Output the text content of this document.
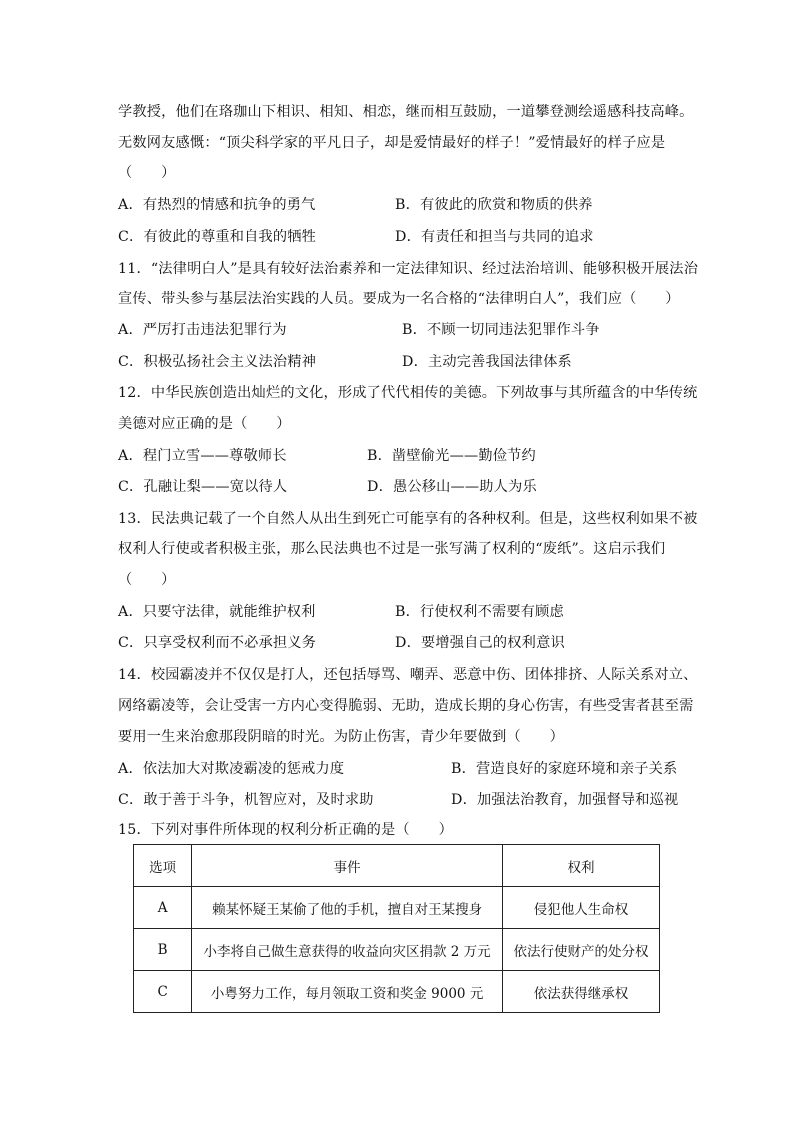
学教授，他们在珞珈山下相识、相知、相恋，继而相互鼓励，一道攀登测绘遥感科技高峰。
无数网友感慨：“顶尖科学家的平凡日子，却是爱情最好的样子！”爱情最好的样子应是
（　　）
A．有热烈的情感和抗争的勇气	B．有彼此的欣赏和物质的供养
C．有彼此的尊重和自我的牺牲	D．有责任和担当与共同的追求
11．“法律明白人”是具有较好法治素养和一定法律知识、经过法治培训、能够积极开展法治
宣传、带头参与基层法治实践的人员。要成为一名合格的“法律明白人”，我们应（　　）
A．严厉打击违法犯罪行为	B．不顾一切同违法犯罪作斗争
C．积极弘扬社会主义法治精神	D．主动完善我国法律体系
12．中华民族创造出灿烂的文化，形成了代代相传的美德。下列故事与其所蕴含的中华传统
美德对应正确的是（　　）
A．程门立雪——尊敬师长	B．凿壁偷光——勤俭节约
C．孔融让梨——宽以待人	D．愚公移山——助人为乐
13．民法典记载了一个自然人从出生到死亡可能享有的各种权利。但是，这些权利如果不被
权利人行使或者积极主张，那么民法典也不过是一张写满了权利的“废纸”。这启示我们
（　　）
A．只要守法律，就能维护权利	B．行使权利不需要有顾虑
C．只享受权利而不必承担义务	D．要增强自己的权利意识
14．校园霸凌并不仅仅是打人，还包括辱骂、嘲弄、恶意中伤、团体排挤、人际关系对立、
网络霸凌等，会让受害一方内心变得脆弱、无助，造成长期的身心伤害，有些受害者甚至需
要用一生来治愈那段阴暗的时光。为防止伤害，青少年要做到（　　）
A．依法加大对欺凌霸凌的惩戒力度	B．营造良好的家庭环境和亲子关系
C．敢于善于斗争，机智应对，及时求助	D．加强法治教育，加强督导和巡视
15．下列对事件所体现的权利分析正确的是（　　）
选项	事件	权利
A	赖某怀疑王某偷了他的手机，擅自对王某搜身	侵犯他人生命权
B	小李将自己做生意获得的收益向灾区捐款 2 万元	依法行使财产的处分权
C	小粤努力工作，每月领取工资和奖金 9000 元	依法获得继承权
